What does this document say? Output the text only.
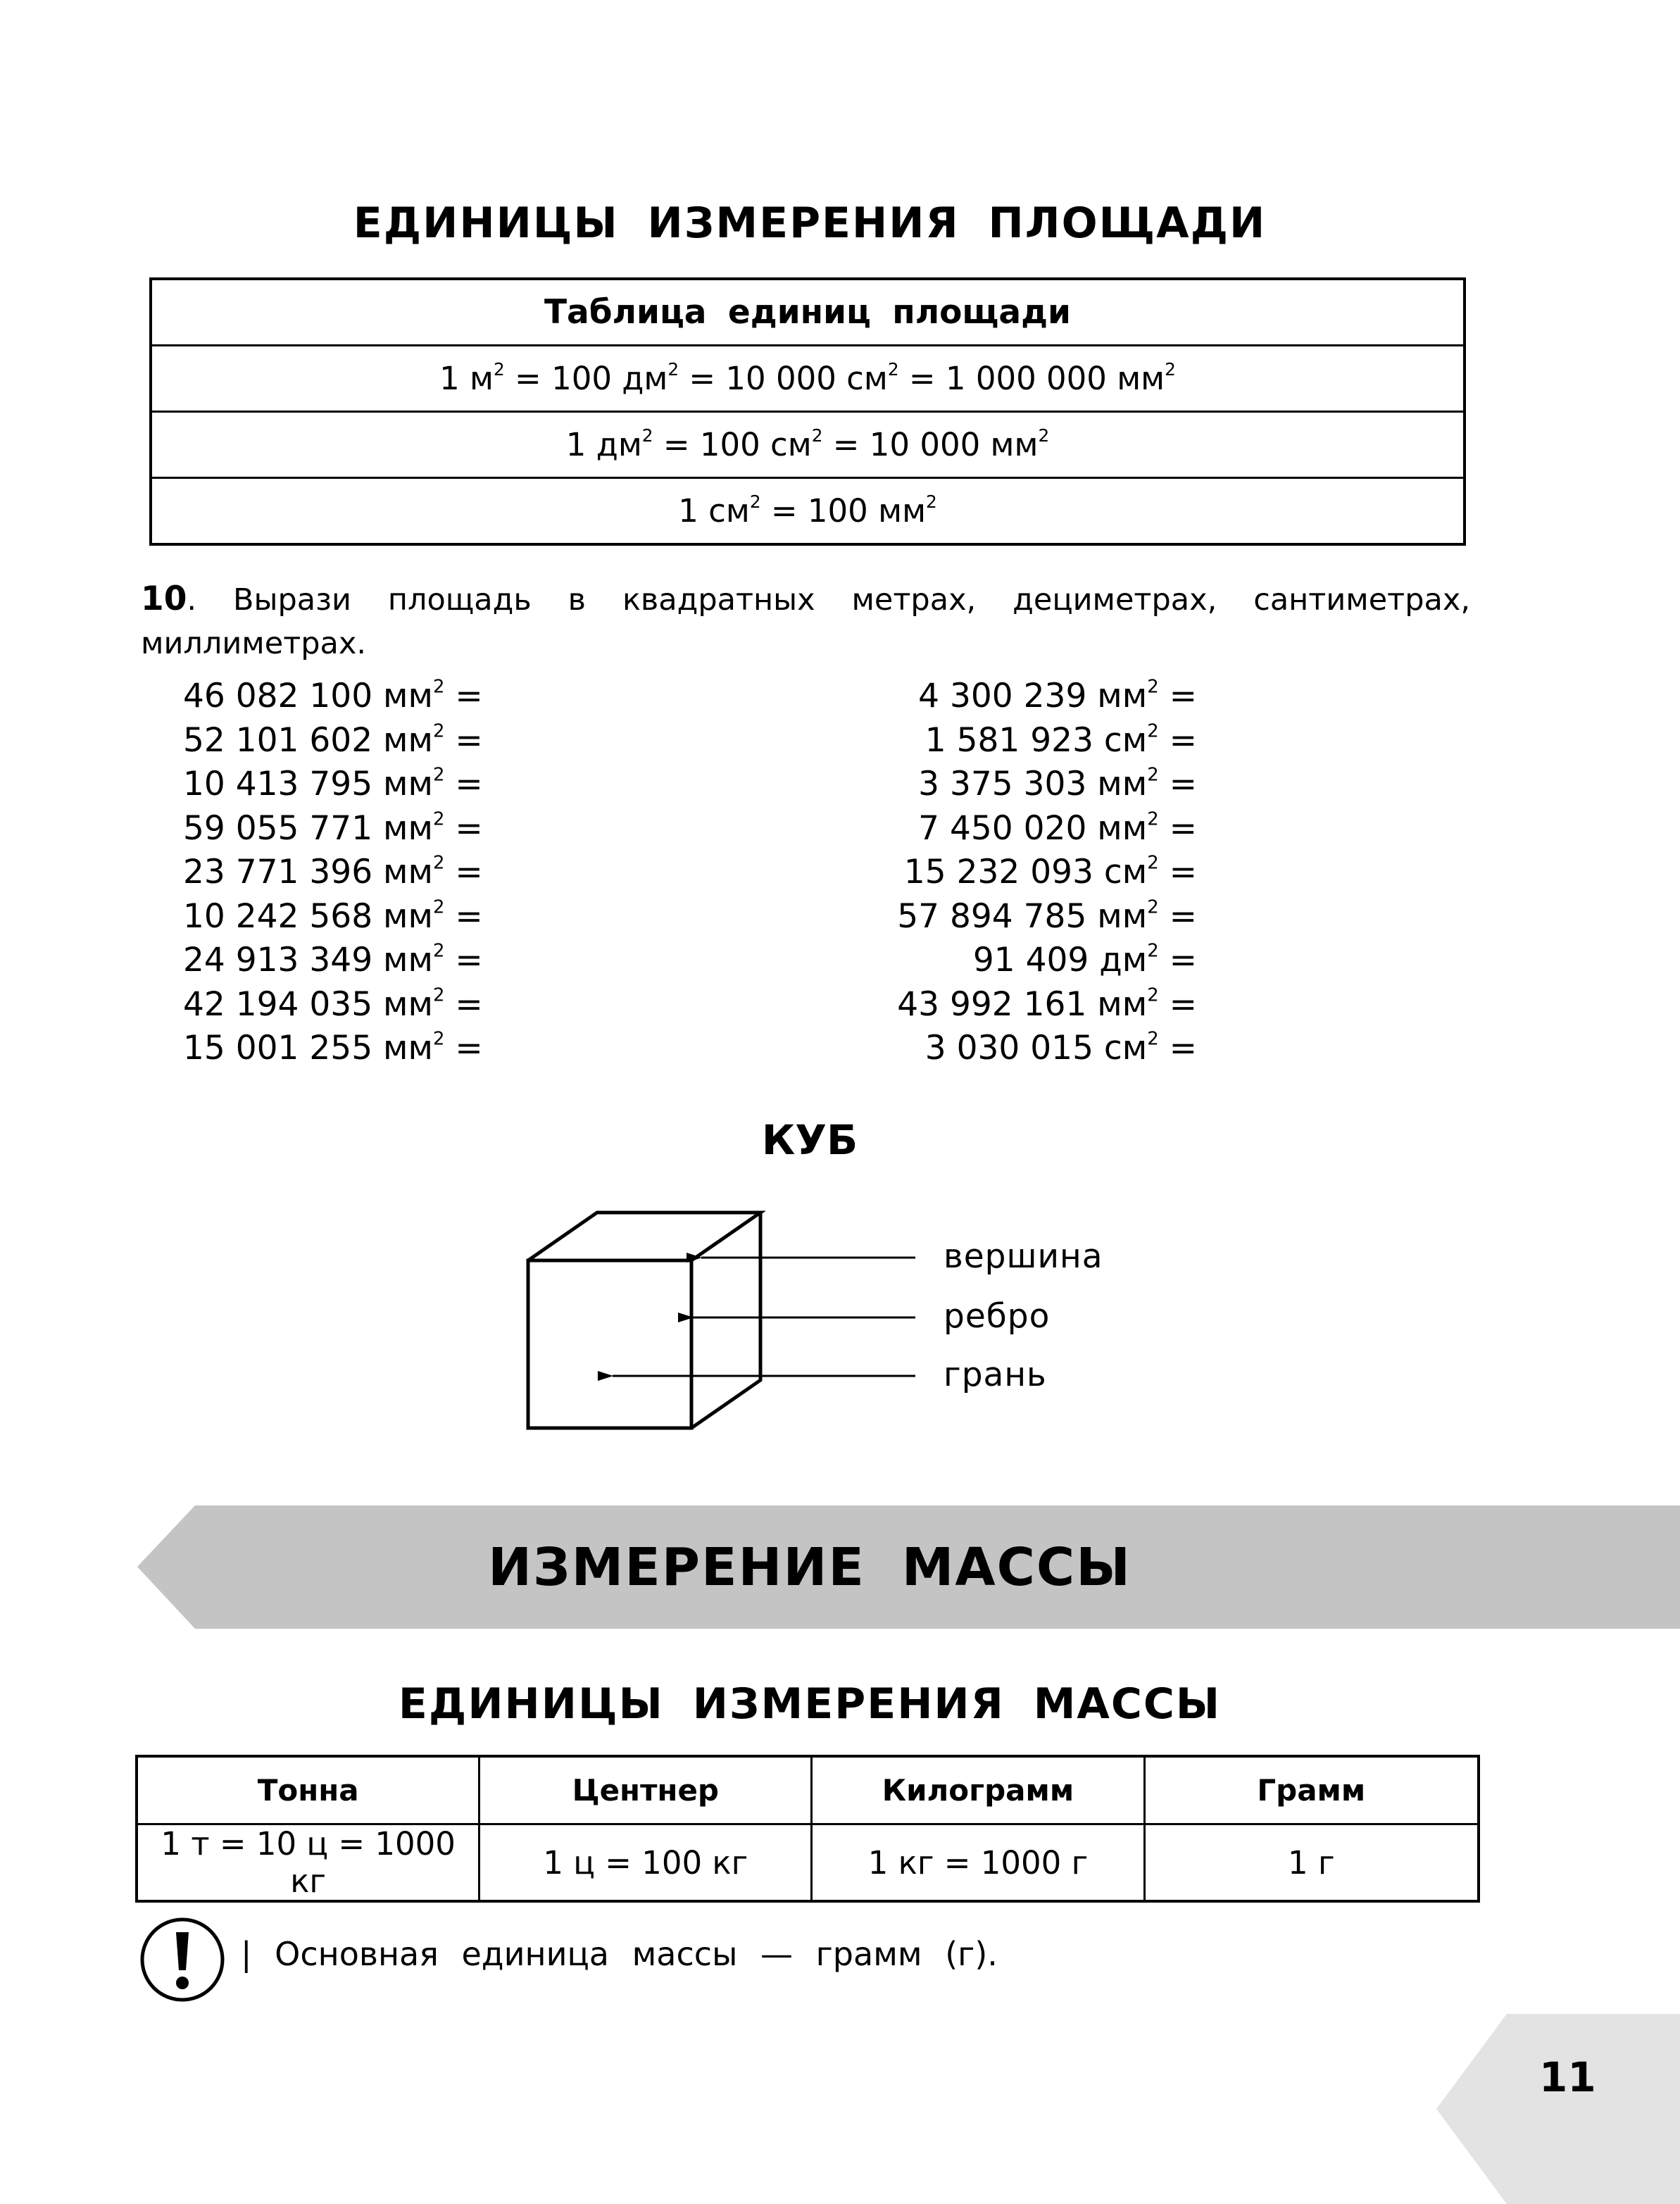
ЕДИНИЦЫ ИЗМЕРЕНИЯ ПЛОЩАДИ
Таблица единиц площади
1 $м^2 = 100$ $дм^2 = 10$ 000 $см^2 = 1$ 000 000 $мм^2$
1 $дм^2 = 100$ $см^2 = 10$ 000 $мм^2$
1 $см^2 = 100$ $мм^2$
10. Вырази площадь в квадратных метрах, дециметрах, сантиметрах, миллиметрах.
46 082 100 $мм^2$ =
52 101 602 $мм^2$ =
10 413 795 $мм^2$ =
59 055 771 $мм^2$ =
23 771 396 $мм^2$ =
10 242 568 $мм^2$ =
24 913 349 $мм^2$ =
42 194 035 $мм^2$ =
15 001 255 $мм^2$ =
4 300 239 $мм^2$ =
1 581 923 $см^2$ =
3 375 303 $мм^2$ =
7 450 020 $мм^2$ =
15 232 093 $см^2$ =
57 894 785 $мм^2$ =
91 409 $дм^2$ =
43 992 161 $мм^2$ =
3 030 015 $см^2$ =
КУБ
вершина
ребро
грань
ИЗМЕРЕНИЕ МАССЫ
ЕДИНИЦЫ ИЗМЕРЕНИЯ МАССЫ
Тонна	Центнер	Килограмм	Грамм
1 т = 10 ц = 1000 кг	1 ц = 100 кг	1 кг = 1000 г	1 г
| Основная единица массы — грамм (г).
11
